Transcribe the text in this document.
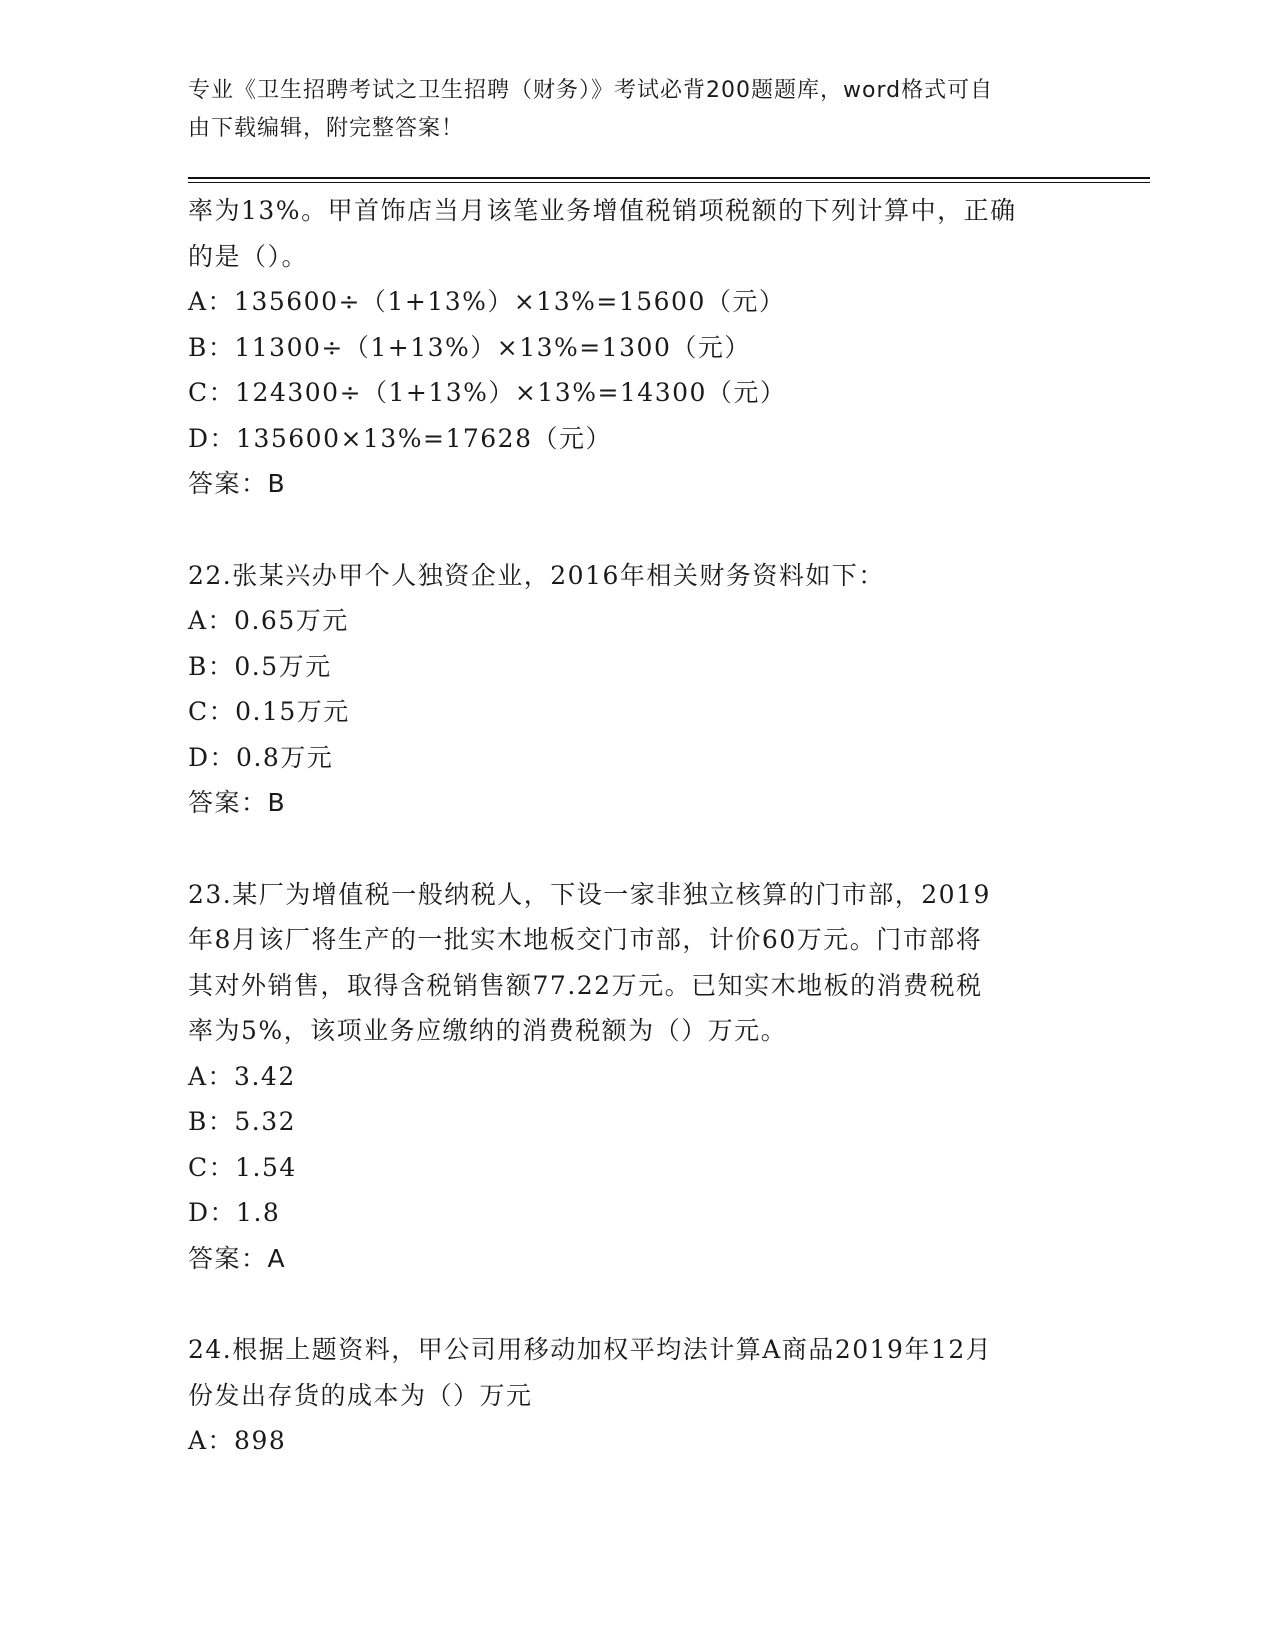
专业《卫生招聘考试之卫生招聘（财务）》考试必背200题题库，word格式可自
由下载编辑，附完整答案！
率为13%。甲首饰店当月该笔业务增值税销项税额的下列计算中，正确
的是（）。
A：135600÷（1+13%）×13%=15600（元）
B：11300÷（1+13%）×13%=1300（元）
C：124300÷（1+13%）×13%=14300（元）
D：135600×13%=17628（元）
答案：B
22.张某兴办甲个人独资企业，2016年相关财务资料如下：
A：0.65万元
B：0.5万元
C：0.15万元
D：0.8万元
答案：B
23.某厂为增值税一般纳税人，下设一家非独立核算的门市部，2019
年8月该厂将生产的一批实木地板交门市部，计价60万元。门市部将
其对外销售，取得含税销售额77.22万元。已知实木地板的消费税税
率为5%，该项业务应缴纳的消费税额为（）万元。
A：3.42
B：5.32
C：1.54
D：1.8
答案：A
24.根据上题资料，甲公司用移动加权平均法计算A商品2019年12月
份发出存货的成本为（）万元
A：898
